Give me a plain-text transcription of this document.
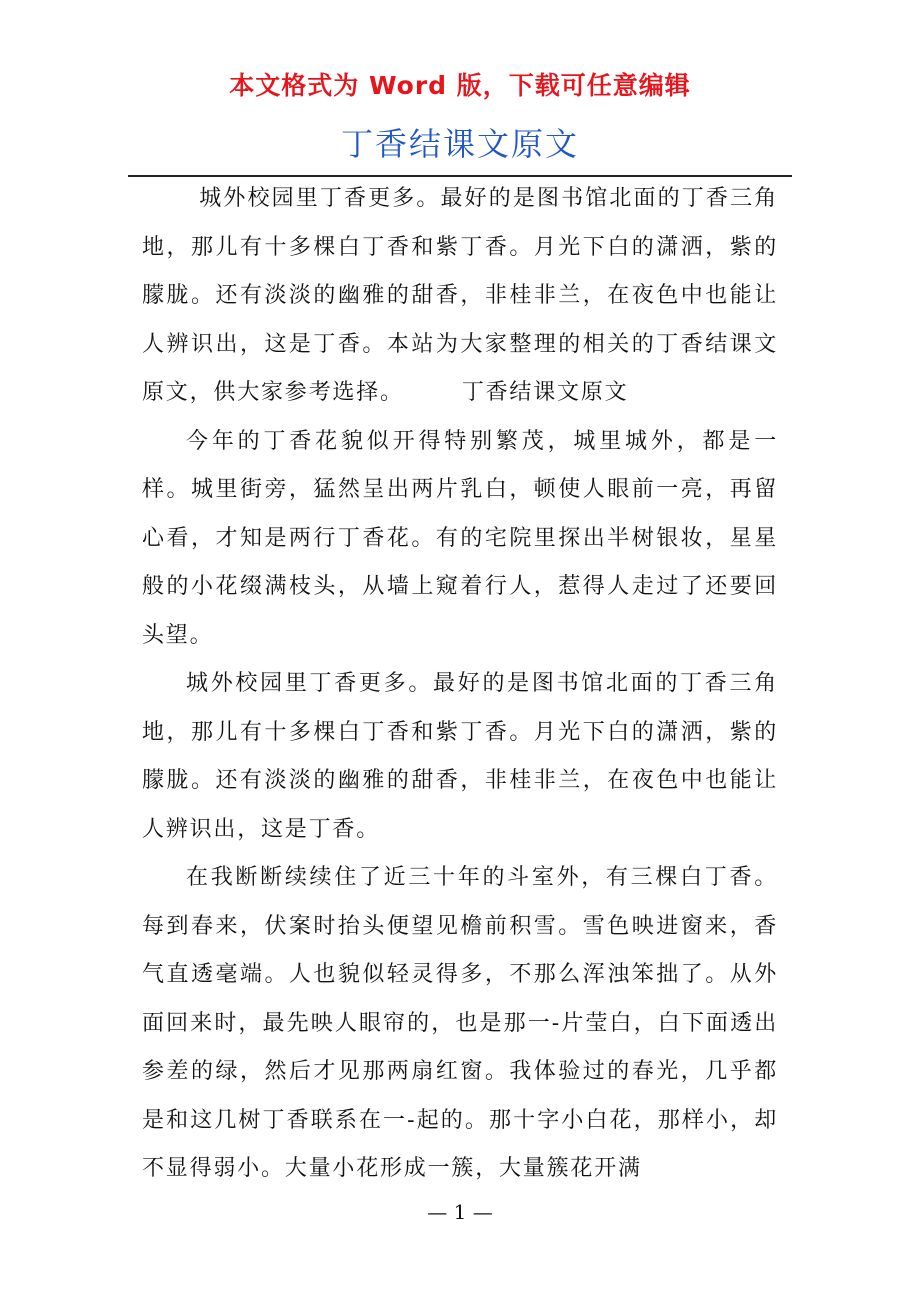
本文格式为 Word 版，下载可任意编辑
丁香结课文原文

城外校园里丁香更多。最好的是图书馆北面的丁香三角地，那儿有十多棵白丁香和紫丁香。月光下白的潇洒，紫的朦胧。还有淡淡的幽雅的甜香，非桂非兰，在夜色中也能让人辨识出，这是丁香。本站为大家整理的相关的丁香结课文原文，供大家参考选择。	丁香结课文原文

今年的丁香花貌似开得特别繁茂，城里城外，都是一样。城里街旁，猛然呈出两片乳白，顿使人眼前一亮，再留心看，才知是两行丁香花。有的宅院里探出半树银妆，星星般的小花缀满枝头，从墙上窥着行人，惹得人走过了还要回头望。

城外校园里丁香更多。最好的是图书馆北面的丁香三角地，那儿有十多棵白丁香和紫丁香。月光下白的潇洒，紫的朦胧。还有淡淡的幽雅的甜香，非桂非兰，在夜色中也能让人辨识出，这是丁香。

在我断断续续住了近三十年的斗室外，有三棵白丁香。每到春来，伏案时抬头便望见檐前积雪。雪色映进窗来，香气直透毫端。人也貌似轻灵得多，不那么浑浊笨拙了。从外面回来时，最先映人眼帘的，也是那一-片莹白，白下面透出参差的绿，然后才见那两扇红窗。我体验过的春光，几乎都是和这几树丁香联系在一-起的。那十字小白花，那样小，却不显得弱小。大量小花形成一簇，大量簇花开满

— 1 —
